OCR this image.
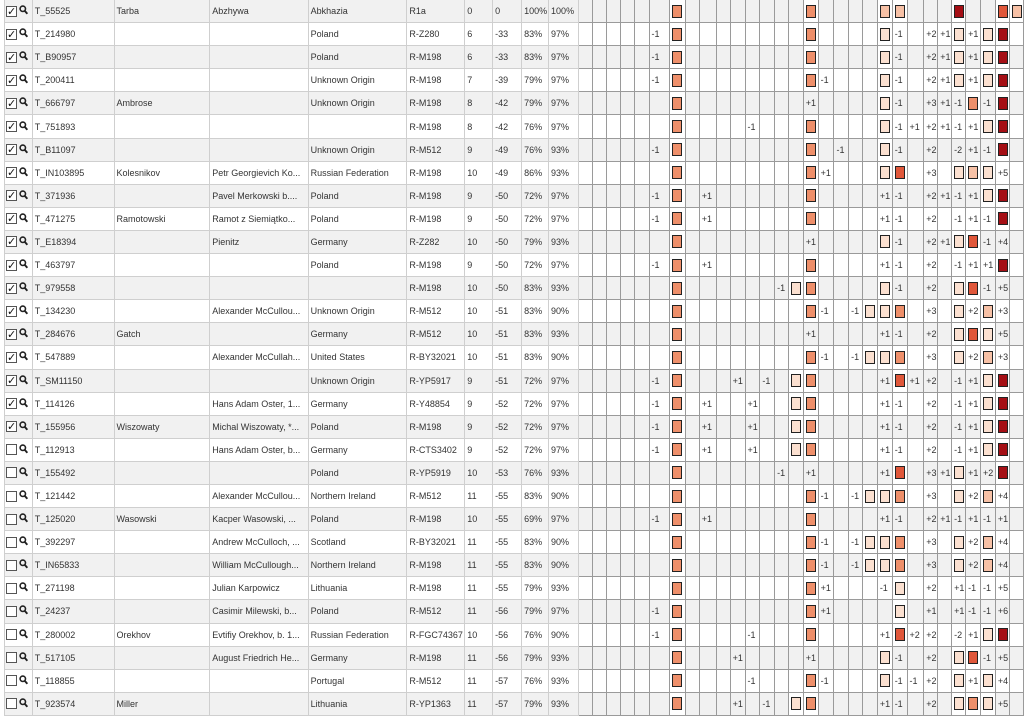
✓	T_55525	Tarba	Abzhywa	Abkhazia	R1a	0	0	100%	100%																														
✓	T_214980			Poland	R-Z280	6	-33	83%	97%						-1																-1		+2	+1		+1			
✓	T_B90957			Poland	R-M198	6	-33	83%	97%						-1																-1		+2	+1		+1			
✓	T_200411			Unknown Origin	R-M198	7	-39	79%	97%						-1											-1					-1		+2	+1		+1			
✓	T_666797	Ambrose		Unknown Origin	R-M198	8	-42	79%	97%																+1						-1		+3	+1	-1		-1		
✓	T_751893				R-M198	8	-42	76%	97%												-1										-1	+1	+2	+1	-1	+1			
✓	T_B11097			Unknown Origin	R-M512	9	-49	76%	93%						-1												-1				-1		+2		-2	+1	-1		
✓	T_IN103895	Kolesnikov	Petr Georgievich Ko...	Russian Federation	R-M198	10	-49	86%	93%																	+1							+3					+5	
✓	T_371936		Pavel Merkowski b....	Poland	R-M198	9	-50	72%	97%						-1			+1												+1	-1		+2	+1	-1	+1			
✓	T_471275	Ramotowski	Ramot z Siemiątko...	Poland	R-M198	9	-50	72%	97%						-1			+1												+1	-1		+2		-1	+1	-1		
✓	T_E18394		Pienitz	Germany	R-Z282	10	-50	79%	93%																+1						-1		+2	+1			-1	+4	
✓	T_463797			Poland	R-M198	9	-50	72%	97%						-1			+1												+1	-1		+2		-1	+1	+1		
✓	T_979558				R-M198	10	-50	83%	93%														-1								-1		+2				-1	+5	
✓	T_134230		Alexander McCullou...	Unknown Origin	R-M512	10	-51	83%	90%																	-1		-1					+3			+2		+3	
✓	T_284676	Gatch		Germany	R-M512	10	-51	83%	93%																+1					+1	-1		+2					+5	
✓	T_547889		Alexander McCullah...	United States	R-BY32021	10	-51	83%	90%																	-1		-1					+3			+2		+3	
✓	T_SM11150			Unknown Origin	R-YP5917	9	-51	72%	97%						-1					+1		-1								+1		+1	+2		-1	+1			
✓	T_114126		Hans Adam Oster, 1...	Germany	R-Y48854	9	-52	72%	97%						-1			+1			+1									+1	-1		+2		-1	+1			
✓	T_155956	Wiszowaty	Michal Wiszowaty, *...	Poland	R-M198	9	-52	72%	97%						-1			+1			+1									+1	-1		+2		-1	+1			
	T_112913		Hans Adam Oster, b...	Germany	R-CTS3402	9	-52	72%	97%						-1			+1			+1									+1	-1		+2		-1	+1			
	T_155492			Poland	R-YP5919	10	-53	76%	93%														-1		+1					+1			+3	+1		+1	+2		
	T_121442		Alexander McCullou...	Northern Ireland	R-M512	11	-55	83%	90%																	-1		-1					+3			+2		+4	
	T_125020	Wasowski	Kacper Wasowski, ...	Poland	R-M198	10	-55	69%	97%						-1			+1												+1	-1		+2	+1	-1	+1	-1	+1	
	T_392297		Andrew McCulloch, ...	Scotland	R-BY32021	11	-55	83%	90%																	-1		-1					+3			+2		+4	
	T_IN65833		William McCullough...	Northern Ireland	R-M198	11	-55	83%	90%																	-1		-1					+3			+2		+4	
	T_271198		Julian Karpowicz	Lithuania	R-M198	11	-55	79%	93%																	+1				-1			+2		+1	-1	-1	+5	
	T_24237		Casimir Milewski, b...	Poland	R-M512	11	-56	79%	97%						-1											+1							+1		+1	-1	-1	+6	
	T_280002	Orekhov	Evtifiy Orekhov, b. 1...	Russian Federation	R-FGC74367	10	-56	76%	90%						-1						-1									+1		+2	+2		-2	+1			
	T_517105		August Friedrich He...	Germany	R-M198	11	-56	79%	93%											+1					+1						-1		+2				-1	+5	
	T_118855			Portugal	R-M512	11	-57	76%	93%												-1					-1					-1	-1	+2			+1		+4	
	T_923574	Miller		Lithuania	R-YP1363	11	-57	79%	93%											+1		-1								+1	-1		+2					+5	
